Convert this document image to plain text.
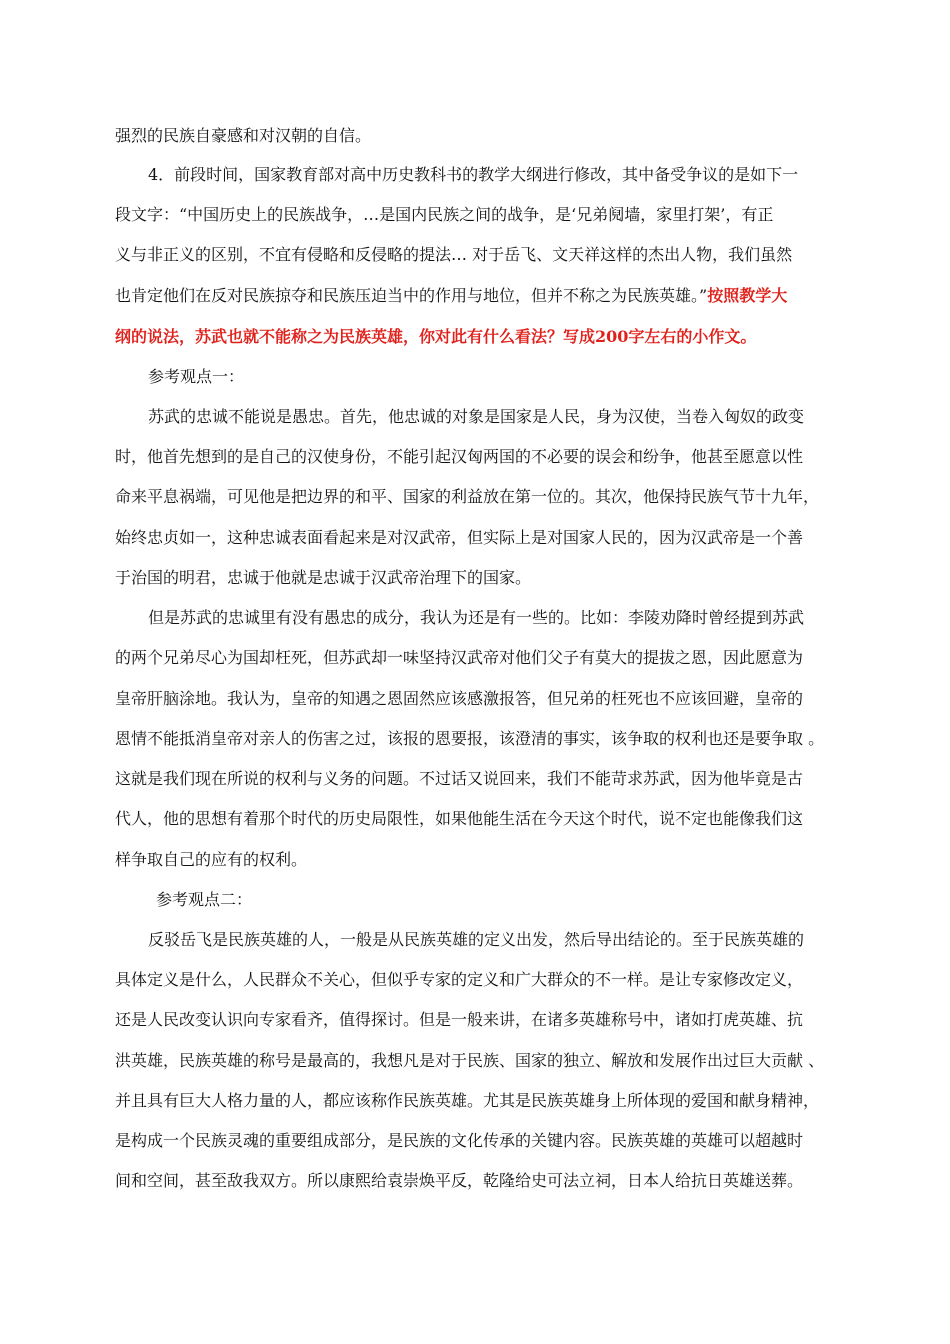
强烈的民族自豪感和对汉朝的自信。
4．前段时间，国家教育部对高中历史教科书的教学大纲进行修改，其中备受争议的是如下一
段文字：“中国历史上的民族战争，…是国内民族之间的战争，是‘兄弟阋墙，家里打架’，有正
义与非正义的区别，不宜有侵略和反侵略的提法… 对于岳飞、文天祥这样的杰出人物，我们虽然
也肯定他们在反对民族掠夺和民族压迫当中的作用与地位，但并不称之为民族英雄。”按照教学大
纲的说法，苏武也就不能称之为民族英雄，你对此有什么看法？写成200字左右的小作文。
参考观点一：
苏武的忠诚不能说是愚忠。首先，他忠诚的对象是国家是人民，身为汉使，当卷入匈奴的政变
时，他首先想到的是自己的汉使身份，不能引起汉匈两国的不必要的误会和纷争，他甚至愿意以性
命来平息祸端，可见他是把边界的和平、国家的利益放在第一位的。其次，他保持民族气节十九年，
始终忠贞如一，这种忠诚表面看起来是对汉武帝，但实际上是对国家人民的，因为汉武帝是一个善
于治国的明君，忠诚于他就是忠诚于汉武帝治理下的国家。
但是苏武的忠诚里有没有愚忠的成分，我认为还是有一些的。比如：李陵劝降时曾经提到苏武
的两个兄弟尽心为国却枉死，但苏武却一味坚持汉武帝对他们父子有莫大的提拔之恩，因此愿意为
皇帝肝脑涂地。我认为，皇帝的知遇之恩固然应该感激报答，但兄弟的枉死也不应该回避，皇帝的
恩情不能抵消皇帝对亲人的伤害之过，该报的恩要报，该澄清的事实，该争取的权利也还是要争取 。
这就是我们现在所说的权利与义务的问题。不过话又说回来，我们不能苛求苏武，因为他毕竟是古
代人，他的思想有着那个时代的历史局限性，如果他能生活在今天这个时代，说不定也能像我们这
样争取自己的应有的权利。
参考观点二：
反驳岳飞是民族英雄的人，一般是从民族英雄的定义出发，然后导出结论的。至于民族英雄的
具体定义是什么，人民群众不关心，但似乎专家的定义和广大群众的不一样。是让专家修改定义，
还是人民改变认识向专家看齐，值得探讨。但是一般来讲，在诸多英雄称号中，诸如打虎英雄、抗
洪英雄，民族英雄的称号是最高的，我想凡是对于民族、国家的独立、解放和发展作出过巨大贡献 、
并且具有巨大人格力量的人，都应该称作民族英雄。尤其是民族英雄身上所体现的爱国和献身精神，
是构成一个民族灵魂的重要组成部分，是民族的文化传承的关键内容。民族英雄的英雄可以超越时
间和空间，甚至敌我双方。所以康熙给袁崇焕平反，乾隆给史可法立祠，日本人给抗日英雄送葬。
